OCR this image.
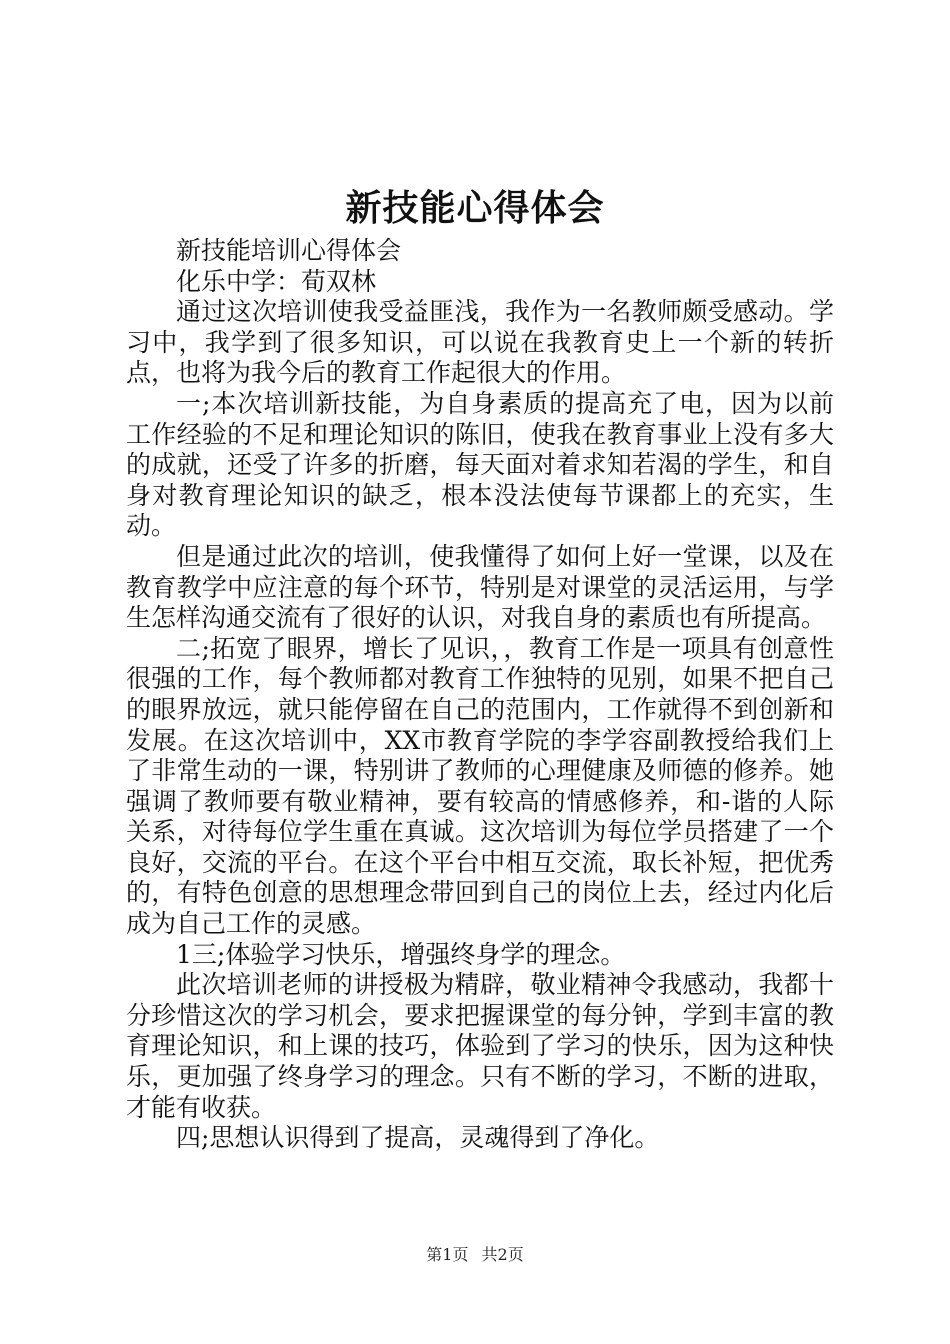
新技能心得体会

新技能培训心得体会

化乐中学：荀双林

通过这次培训使我受益匪浅，我作为一名教师颇受感动。学习中，我学到了很多知识，可以说在我教育史上一个新的转折点，也将为我今后的教育工作起很大的作用。

一;本次培训新技能，为自身素质的提高充了电，因为以前工作经验的不足和理论知识的陈旧，使我在教育事业上没有多大的成就，还受了许多的折磨，每天面对着求知若渴的学生，和自身对教育理论知识的缺乏，根本没法使每节课都上的充实，生动。

但是通过此次的培训，使我懂得了如何上好一堂课，以及在教育教学中应注意的每个环节，特别是对课堂的灵活运用，与学生怎样沟通交流有了很好的认识，对我自身的素质也有所提高。

二;拓宽了眼界，增长了见识，，教育工作是一项具有创意性很强的工作，每个教师都对教育工作独特的见别，如果不把自己的眼界放远，就只能停留在自己的范围内，工作就得不到创新和发展。在这次培训中，XX市教育学院的李学容副教授给我们上了非常生动的一课，特别讲了教师的心理健康及师德的修养。她强调了教师要有敬业精神，要有较高的情感修养，和-谐的人际关系，对待每位学生重在真诚。这次培训为每位学员搭建了一个良好，交流的平台。在这个平台中相互交流，取长补短，把优秀的，有特色创意的思想理念带回到自己的岗位上去，经过内化后成为自己工作的灵感。

1三;体验学习快乐，增强终身学的理念。

此次培训老师的讲授极为精辟，敬业精神令我感动，我都十分珍惜这次的学习机会，要求把握课堂的每分钟，学到丰富的教育理论知识，和上课的技巧，体验到了学习的快乐，因为这种快乐，更加强了终身学习的理念。只有不断的学习，不断的进取，才能有收获。

四;思想认识得到了提高，灵魂得到了净化。

第1页 共2页
